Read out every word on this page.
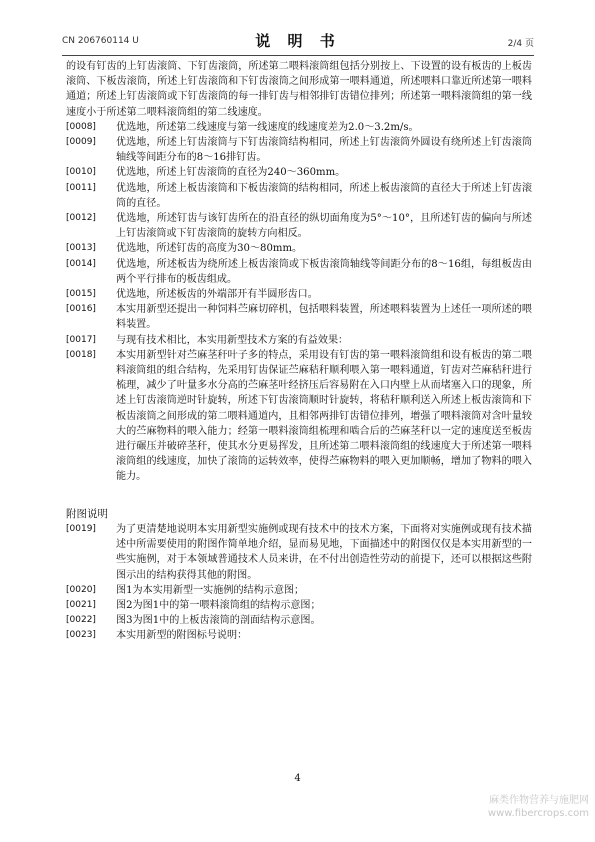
CN 206760114 U	说 明 书	2/4 页

的设有钉齿的上钉齿滚筒、下钉齿滚筒，所述第二喂料滚筒组包括分别按上、下设置的设有板齿的上板齿滚筒、下板齿滚筒，所述上钉齿滚筒和下钉齿滚筒之间形成第一喂料通道，所述喂料口靠近所述第一喂料通道；所述上钉齿滚筒或下钉齿滚筒的每一排钉齿与相邻排钉齿错位排列；所述第一喂料滚筒组的第一线速度小于所述第二喂料滚筒组的第二线速度。

[0008]	优选地，所述第二线速度与第一线速度的线速度差为2.0～3.2m/s。

[0009]	优选地，所述上钉齿滚筒与下钉齿滚筒结构相同，所述上钉齿滚筒外圆设有绕所述上钉齿滚筒轴线等间距分布的8～16排钉齿。

[0010]	优选地，所述上钉齿滚筒的直径为240～360mm。

[0011]	优选地，所述上板齿滚筒和下板齿滚筒的结构相同，所述上板齿滚筒的直径大于所述上钉齿滚筒的直径。

[0012]	优选地，所述钉齿与该钉齿所在的沿直径的纵切面角度为5°～10°，且所述钉齿的偏向与所述上钉齿滚筒或下钉齿滚筒的旋转方向相反。

[0013]	优选地，所述钉齿的高度为30～80mm。

[0014]	优选地，所述板齿为绕所述上板齿滚筒或下板齿滚筒轴线等间距分布的8～16组，每组板齿由两个平行排布的板齿组成。

[0015]	优选地，所述板齿的外端部开有半圆形齿口。

[0016]	本实用新型还提出一种饲料苎麻切碎机，包括喂料装置，所述喂料装置为上述任一项所述的喂料装置。

[0017]	与现有技术相比，本实用新型技术方案的有益效果：

[0018]	本实用新型针对苎麻茎秆叶子多的特点，采用设有钉齿的第一喂料滚筒组和设有板齿的第二喂料滚筒组的组合结构，先采用钉齿保证苎麻秸秆顺利喂入第一喂料通道，钉齿对苎麻秸秆进行梳理，减少了叶量多水分高的苎麻茎叶经挤压后容易附在入口内壁上从而堵塞入口的现象，所述上钉齿滚筒逆时针旋转，所述下钉齿滚筒顺时针旋转，将秸秆顺利送入所述上板齿滚筒和下板齿滚筒之间形成的第二喂料通道内，且相邻两排钉齿错位排列，增强了喂料滚筒对含叶量较大的苎麻物料的喂入能力；经第一喂料滚筒组梳理和啮合后的苎麻茎秆以一定的速度送至板齿进行碾压并破碎茎秆，使其水分更易挥发，且所述第二喂料滚筒组的线速度大于所述第一喂料滚筒组的线速度，加快了滚筒的运转效率，使得苎麻物料的喂入更加顺畅，增加了物料的喂入能力。

附图说明
[0019]	为了更清楚地说明本实用新型实施例或现有技术中的技术方案，下面将对实施例或现有技术描述中所需要使用的附图作简单地介绍，显而易见地，下面描述中的附图仅仅是本实用新型的一些实施例，对于本领域普通技术人员来讲，在不付出创造性劳动的前提下，还可以根据这些附图示出的结构获得其他的附图。

[0020]	图1为本实用新型一实施例的结构示意图；

[0021]	图2为图1中的第一喂料滚筒组的结构示意图；

[0022]	图3为图1中的上板齿滚筒的剖面结构示意图。

[0023]	本实用新型的附图标号说明：

4
麻类作物营养与施肥网
www.fibercrops.com
